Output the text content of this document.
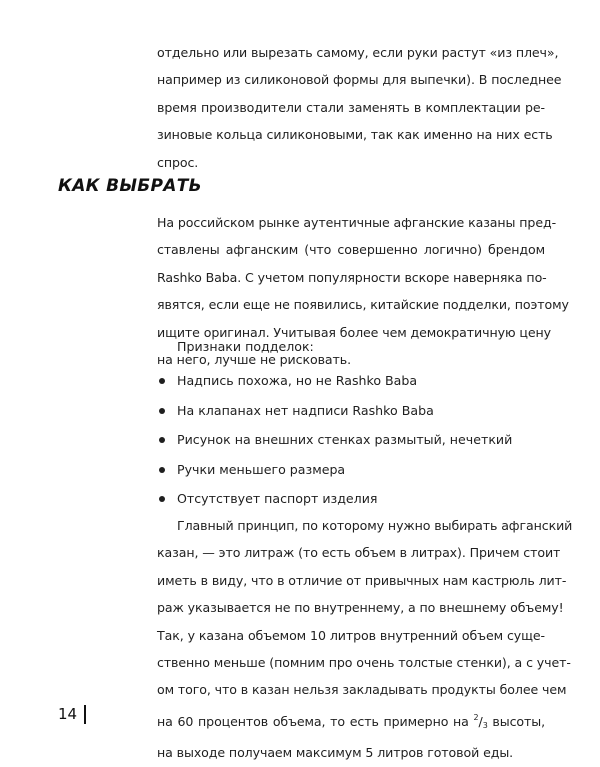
отдельно или вырезать самому, если руки растут «из плеч»,
например из силиконовой формы для выпечки). В последнее
время производители стали заменять в комплектации ре-
зиновые кольца силиконовыми, так как именно на них есть
спрос.

КАК ВЫБРАТЬ

На российском рынке аутентичные афганские казаны пред-
ставлены афганским (что совершенно логично) брендом
Rashko Baba. С учетом популярности вскоре наверняка по-
явятся, если еще не появились, китайские подделки, поэтому
ищите оригинал. Учитывая более чем демократичную цену
на него, лучше не рисковать.

Признаки подделок:
Надпись похожа, но не Rashko Baba
На клапанах нет надписи Rashko Baba
Рисунок на внешних стенках размытый, нечеткий
Ручки меньшего размера
Отсутствует паспорт изделия

Главный принцип, по которому нужно выбирать афганский
казан, — это литраж (то есть объем в литрах). Причем стоит
иметь в виду, что в отличие от привычных нам кастрюль лит-
раж указывается не по внутреннему, а по внешнему объему!
Так, у казана объемом 10 литров внутренний объем суще-
ственно меньше (помним про очень толстые стенки), а с учет-
ом того, что в казан нельзя закладывать продукты более чем
на 60 процентов объема, то есть примерно на $^2/_3$ высоты,
на выходе получаем максимум 5 литров готовой еды.

14
